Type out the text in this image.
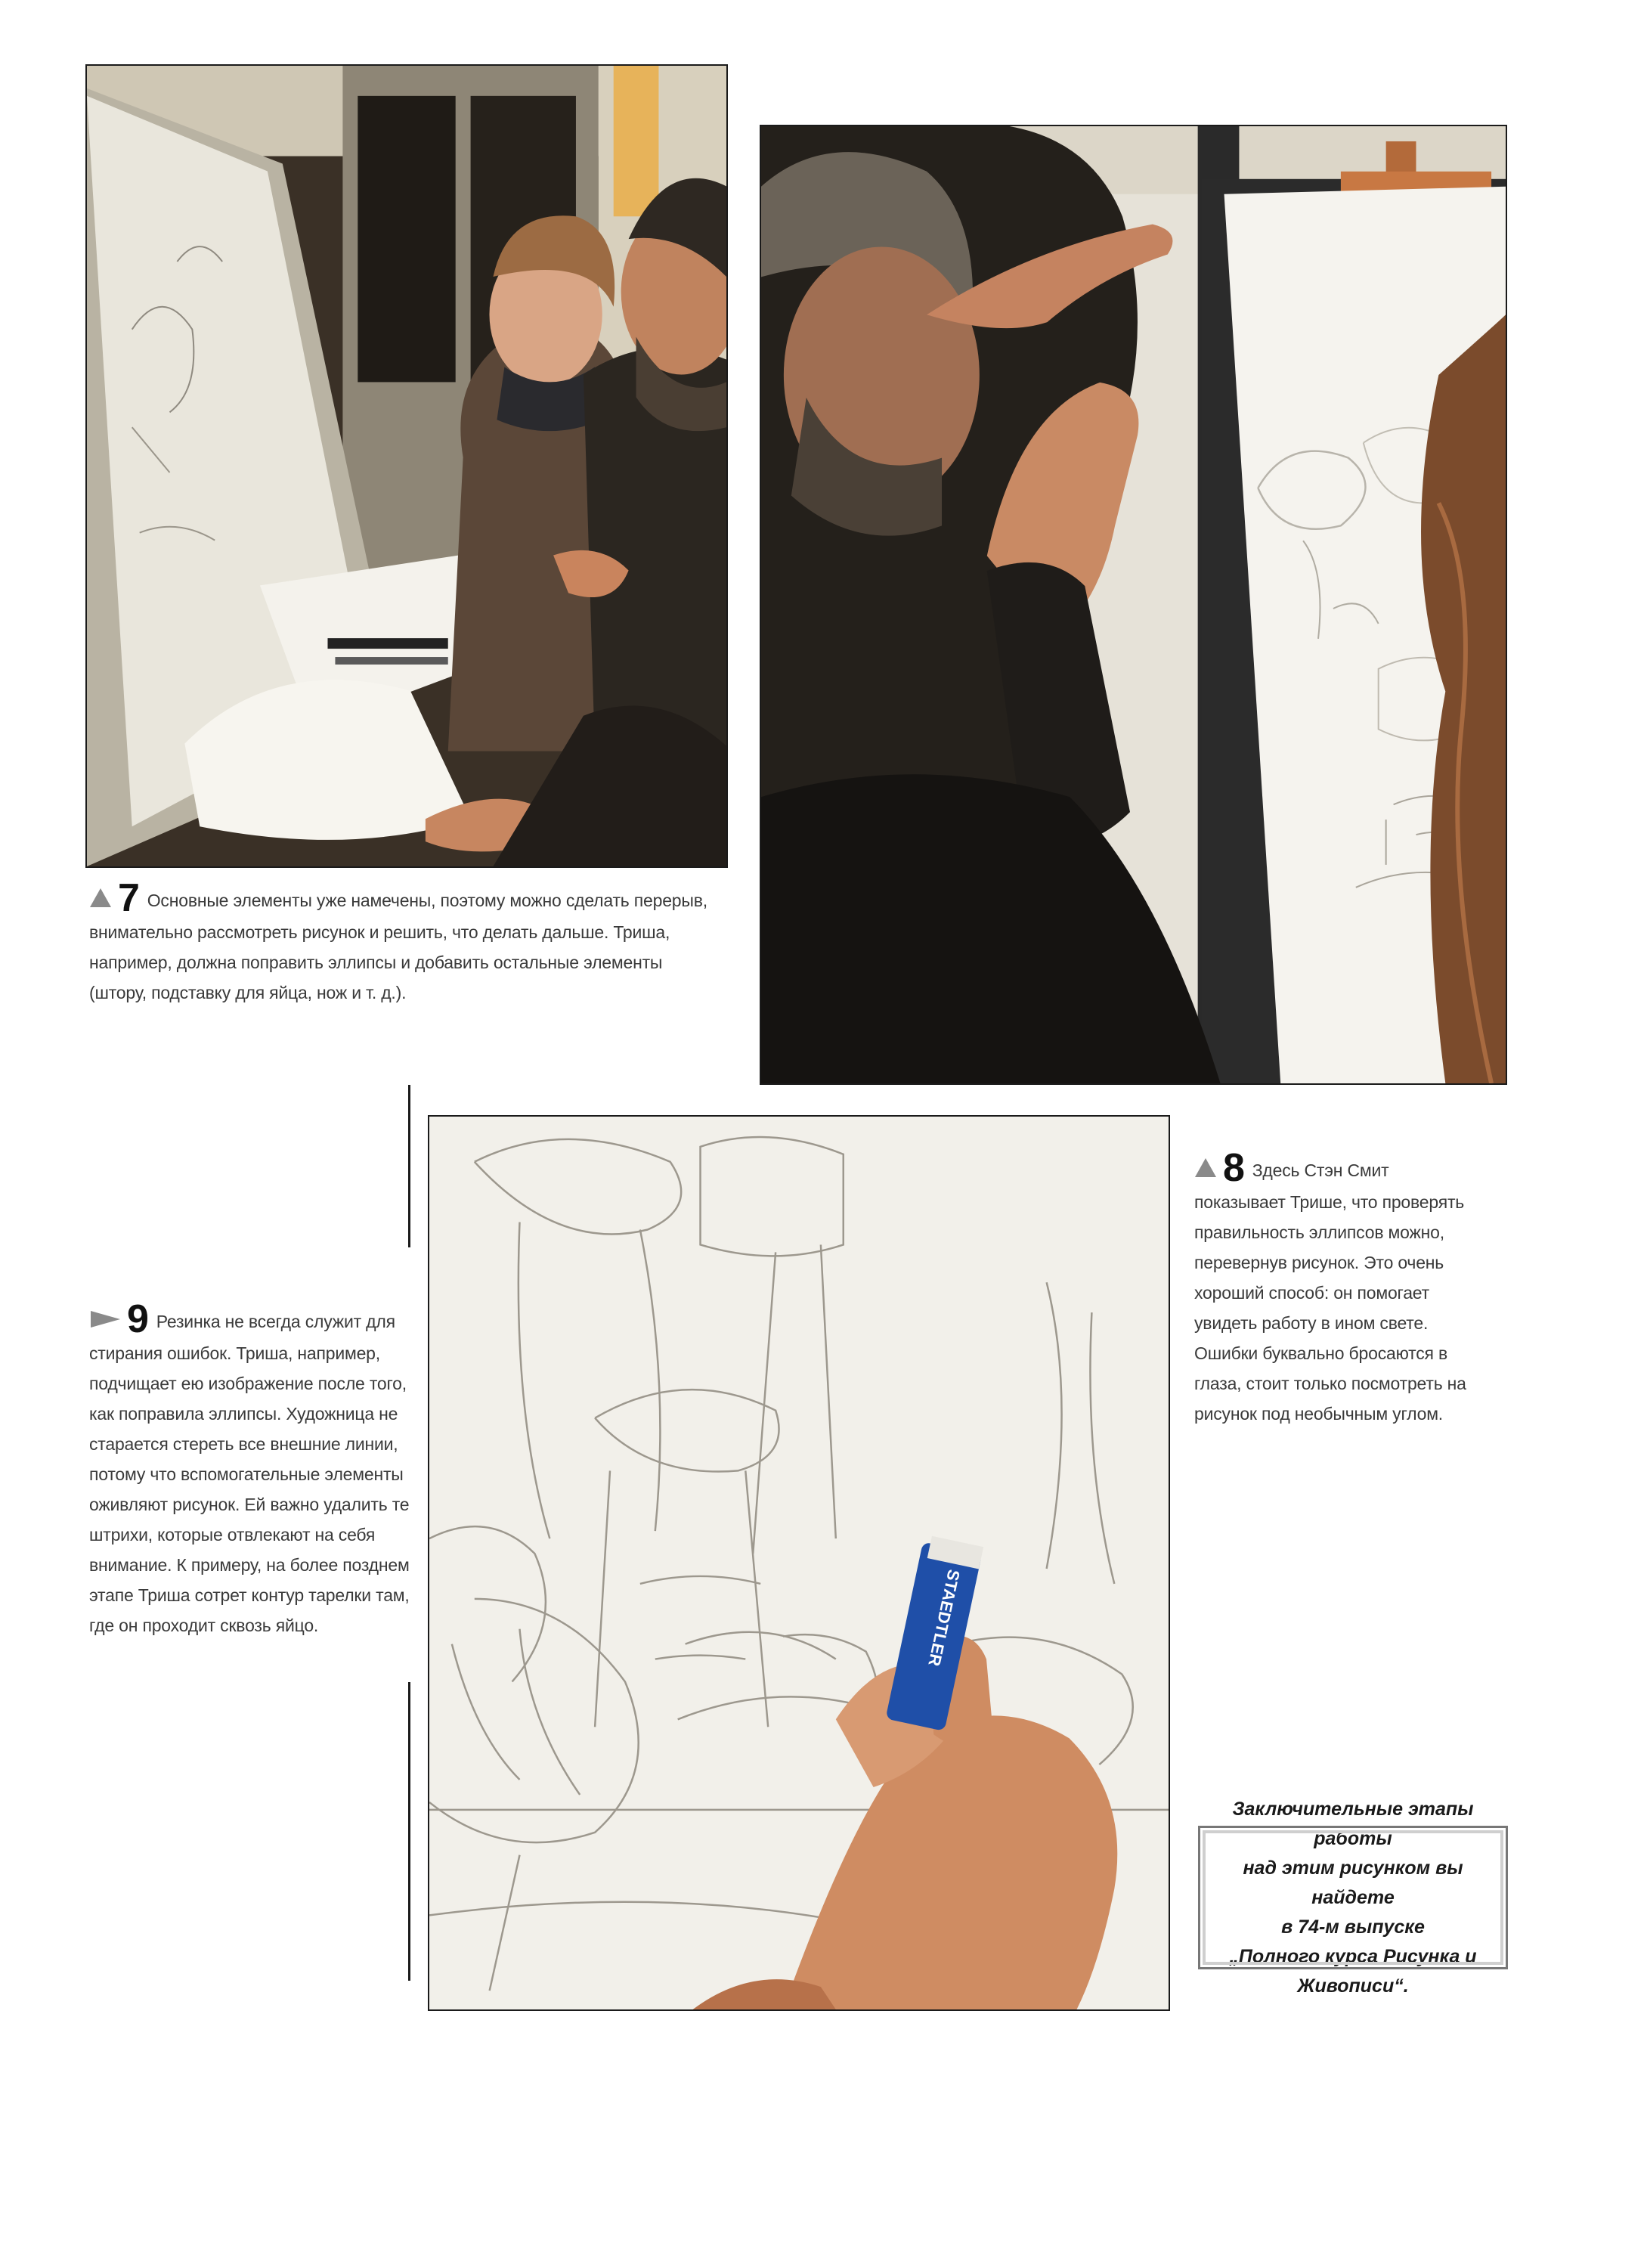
STAEDTLER
7 Основные элементы уже намечены, поэтому можно сделать перерыв, внимательно рассмотреть рисунок и решить, что делать дальше. Триша, например, должна поправить эллипсы и добавить остальные элементы (штору, подставку для яйца, нож и т. д.).
8 Здесь Стэн Смит показывает Трише, что проверять правильность эллипсов можно, перевернув рисунок. Это очень хороший способ: он помогает увидеть работу в ином свете. Ошибки буквально бросаются в глаза, стоит только посмотреть на рисунок под необычным углом.
9 Резинка не всегда служит для стирания ошибок. Триша, например, подчищает ею изображение после того, как поправила эллипсы. Художница не старается стереть все внешние линии, потому что вспомогательные элементы оживляют рисунок. Ей важно удалить те штрихи, которые отвлекают на себя внимание. К примеру, на более позднем этапе Триша сотрет контур тарелки там, где он проходит сквозь яйцо.
Заключительные этапы работы
над этим рисунком вы найдете
в 74-м выпуске
„Полного курса Рисунка и Живописи“.
